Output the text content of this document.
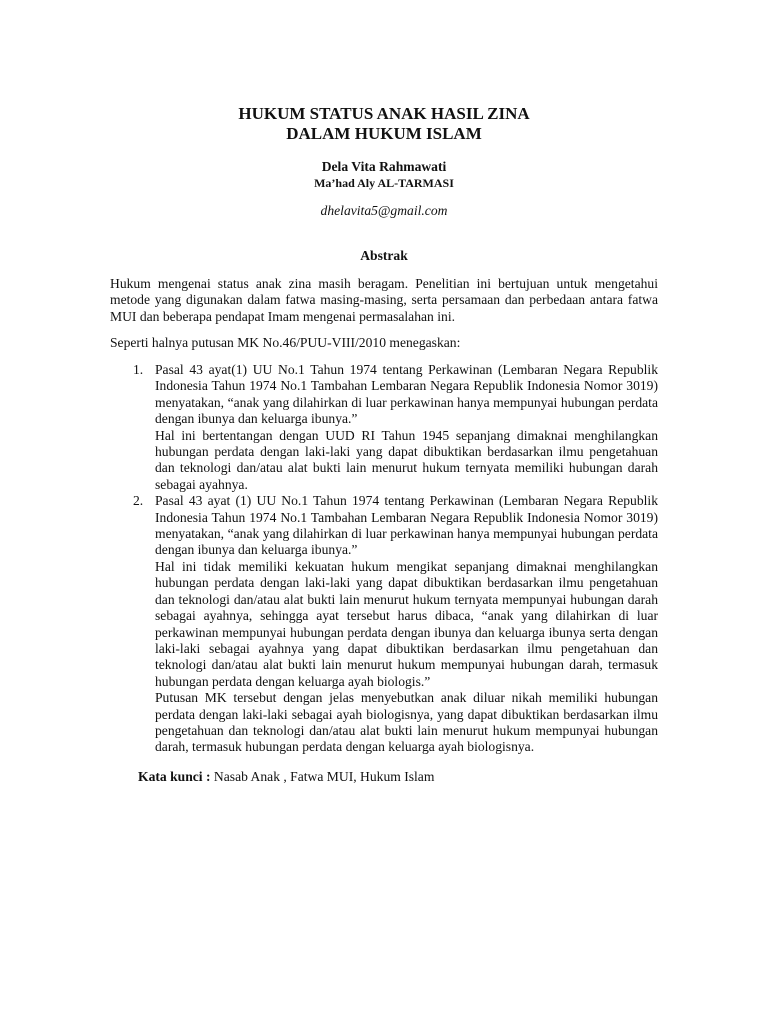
HUKUM STATUS ANAK HASIL ZINA
DALAM HUKUM ISLAM
Dela Vita Rahmawati
Ma’had Aly AL-TARMASI
dhelavita5@gmail.com
Abstrak

Hukum mengenai status anak zina masih beragam. Penelitian ini bertujuan untuk mengetahui metode yang digunakan dalam fatwa masing-masing, serta persamaan dan perbedaan antara fatwa MUI dan beberapa pendapat Imam mengenai permasalahan ini.

Seperti halnya putusan MK No.46/PUU-VIII/2010 menegaskan:

1. Pasal 43 ayat(1) UU No.1 Tahun 1974 tentang Perkawinan (Lembaran Negara Republik Indonesia Tahun 1974 No.1 Tambahan Lembaran Negara Republik Indonesia Nomor 3019) menyatakan, “anak yang dilahirkan di luar perkawinan hanya mempunyai hubungan perdata dengan ibunya dan keluarga ibunya.”
Hal ini bertentangan dengan UUD RI Tahun 1945 sepanjang dimaknai menghilangkan hubungan perdata dengan laki-laki yang dapat dibuktikan berdasarkan ilmu pengetahuan dan teknologi dan/atau alat bukti lain menurut hukum ternyata memiliki hubungan darah sebagai ayahnya.
2. Pasal 43 ayat (1) UU No.1 Tahun 1974 tentang Perkawinan (Lembaran Negara Republik Indonesia Tahun 1974 No.1 Tambahan Lembaran Negara Republik Indonesia Nomor 3019) menyatakan, “anak yang dilahirkan di luar perkawinan hanya mempunyai hubungan perdata dengan ibunya dan keluarga ibunya.”
Hal ini tidak memiliki kekuatan hukum mengikat sepanjang dimaknai menghilangkan hubungan perdata dengan laki-laki yang dapat dibuktikan berdasarkan ilmu pengetahuan dan teknologi dan/atau alat bukti lain menurut hukum ternyata mempunyai hubungan darah sebagai ayahnya, sehingga ayat tersebut harus dibaca, “anak yang dilahirkan di luar perkawinan mempunyai hubungan perdata dengan ibunya dan keluarga ibunya serta dengan laki-laki sebagai ayahnya yang dapat dibuktikan berdasarkan ilmu pengetahuan dan teknologi dan/atau alat bukti lain menurut hukum mempunyai hubungan darah, termasuk hubungan perdata dengan keluarga ayah biologis.”
Putusan MK tersebut dengan jelas menyebutkan anak diluar nikah memiliki hubungan perdata dengan laki-laki sebagai ayah biologisnya, yang dapat dibuktikan berdasarkan ilmu pengetahuan dan teknologi dan/atau alat bukti lain menurut hukum mempunyai hubungan darah, termasuk hubungan perdata dengan keluarga ayah biologisnya.
Kata kunci : Nasab Anak , Fatwa MUI, Hukum Islam
